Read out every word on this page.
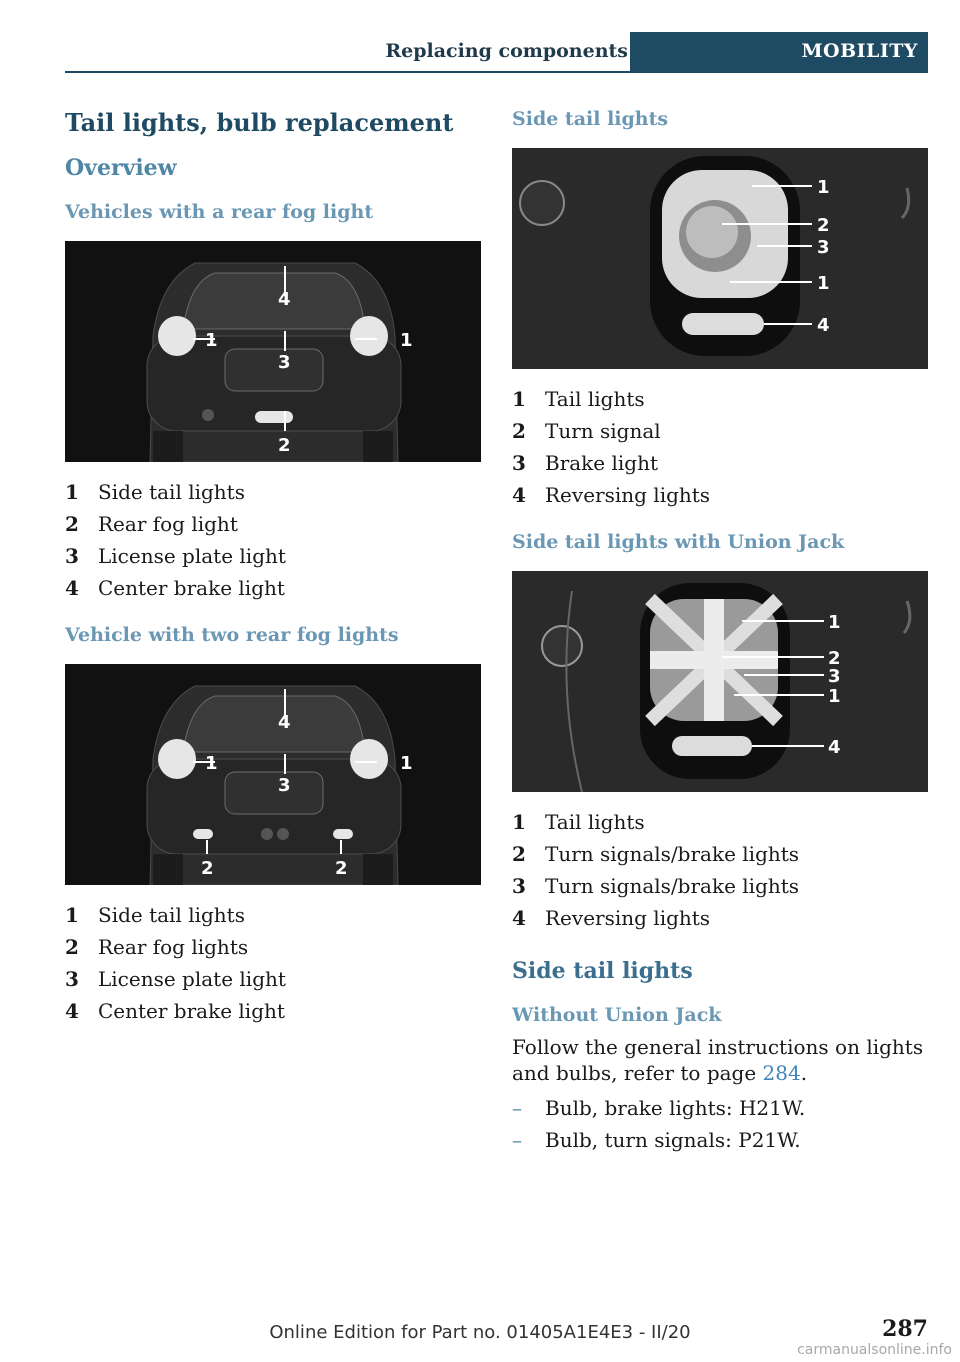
Replacing components	MOBILITY
Tail lights, bulb replacement
Overview
Vehicles with a rear fog light
4
1	1
3
2
1 Side tail lights
2 Rear fog light
3 License plate light
4 Center brake light
Vehicle with two rear fog lights
4
1	1
3
2	2
1 Side tail lights
2 Rear fog lights
3 License plate light
4 Center brake light
Side tail lights
1
2
3
1
4
1 Tail lights
2 Turn signal
3 Brake light
4 Reversing lights
Side tail lights with Union Jack
1
2
3
1
4
1 Tail lights
2 Turn signals/brake lights
3 Turn signals/brake lights
4 Reversing lights
Side tail lights
Without Union Jack

Follow the general instructions on lights and bulbs, refer to page 284.

–	Bulb, brake lights: H21W.
–	Bulb, turn signals: P21W.
287
Online Edition for Part no. 01405A1E4E3 - II/20
carmanualsonline.info
